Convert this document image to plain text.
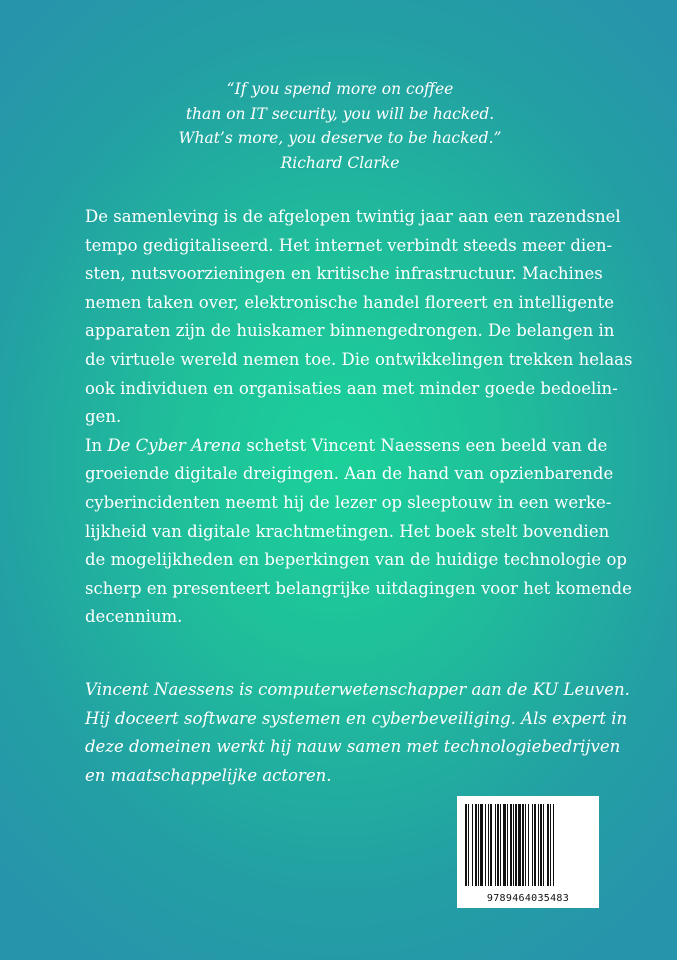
“If you spend more on coffee
than on IT security, you will be hacked.
What’s more, you deserve to be hacked.”
Richard Clarke

De samenleving is de afgelopen twintig jaar aan een razendsnel
tempo gedigitaliseerd. Het internet verbindt steeds meer dien-
sten, nutsvoorzieningen en kritische infrastructuur. Machines
nemen taken over, elektronische handel floreert en intelligente
apparaten zijn de huiskamer binnengedrongen. De belangen in
de virtuele wereld nemen toe. Die ontwikkelingen trekken helaas
ook individuen en organisaties aan met minder goede bedoelin-
gen.

In De Cyber Arena schetst Vincent Naessens een beeld van de
groeiende digitale dreigingen. Aan de hand van opzienbarende
cyberincidenten neemt hij de lezer op sleeptouw in een werke-
lijkheid van digitale krachtmetingen. Het boek stelt bovendien
de mogelijkheden en beperkingen van de huidige technologie op
scherp en presenteert belangrijke uitdagingen voor het komende
decennium.

Vincent Naessens is computerwetenschapper aan de KU Leuven.
Hij doceert software systemen en cyberbeveiliging. Als expert in
deze domeinen werkt hij nauw samen met technologiebedrijven
en maatschappelijke actoren.
9789464035483
